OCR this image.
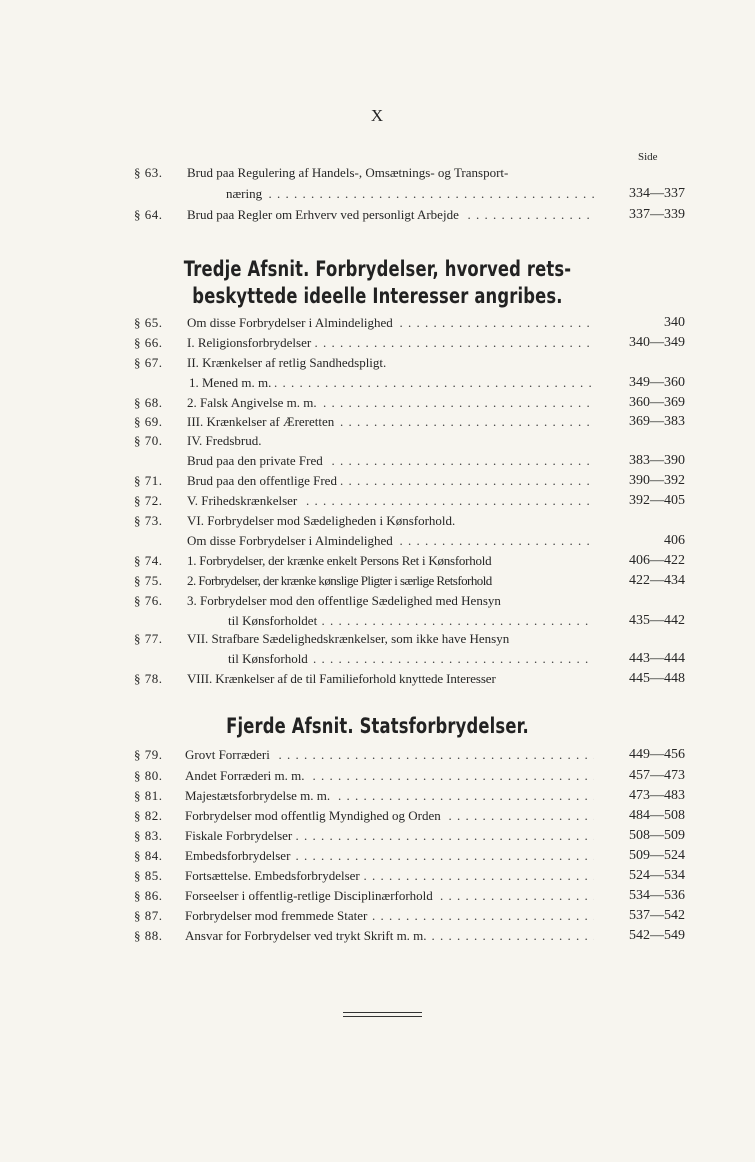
X
Side
§ 63. Brud paa Regulering af Handels-, Omsætnings- og Transport-
næring . . .	334—337
§ 64. Brud paa Regler om Erhverv ved personligt Arbejde . . .	337—339
Tredje Afsnit. Forbrydelser, hvorved rets-
beskyttede ideelle Interesser angribes.
§ 65. Om disse Forbrydelser i Almindelighed . . .	340
§ 66. I. Religionsforbrydelser . . .	340—349
§ 67. II. Krænkelser af retlig Sandhedspligt.
1. Mened m. m. . . .	349—360
§ 68. 2. Falsk Angivelse m. m. . . .	360—369
§ 69. III. Krænkelser af Æreretten . . .	369—383
§ 70. IV. Fredsbrud.
Brud paa den private Fred . . .	383—390
§ 71. Brud paa den offentlige Fred . . .	390—392
§ 72. V. Frihedskrænkelser . . .	392—405
§ 73. VI. Forbrydelser mod Sædeligheden i Kønsforhold.
Om disse Forbrydelser i Almindelighed . . .	406
§ 74. 1. Forbrydelser, der krænke enkelt Persons Ret i Kønsforhold	406—422
§ 75. 2. Forbrydelser, der krænke kønslige Pligter i særlige Retsforhold	422—434
§ 76. 3. Forbrydelser mod den offentlige Sædelighed med Hensyn
til Kønsforholdet . . .	435—442
§ 77. VII. Strafbare Sædelighedskrænkelser, som ikke have Hensyn
til Kønsforhold . . .	443—444
§ 78. VIII. Krænkelser af de til Familieforhold knyttede Interesser	445—448
Fjerde Afsnit. Statsforbrydelser.
§ 79. Grovt Forræderi . . .	449—456
§ 80. Andet Forræderi m. m. . . .	457—473
§ 81. Majestætsforbrydelse m. m. . . .	473—483
§ 82. Forbrydelser mod offentlig Myndighed og Orden . . .	484—508
§ 83. Fiskale Forbrydelser . . .	508—509
§ 84. Embedsforbrydelser . . .	509—524
§ 85. Fortsættelse. Embedsforbrydelser . . .	524—534
§ 86. Forseelser i offentlig-retlige Disciplinærforhold . . .	534—536
§ 87. Forbrydelser mod fremmede Stater . . .	537—542
§ 88. Ansvar for Forbrydelser ved trykt Skrift m. m. . . .	542—549
